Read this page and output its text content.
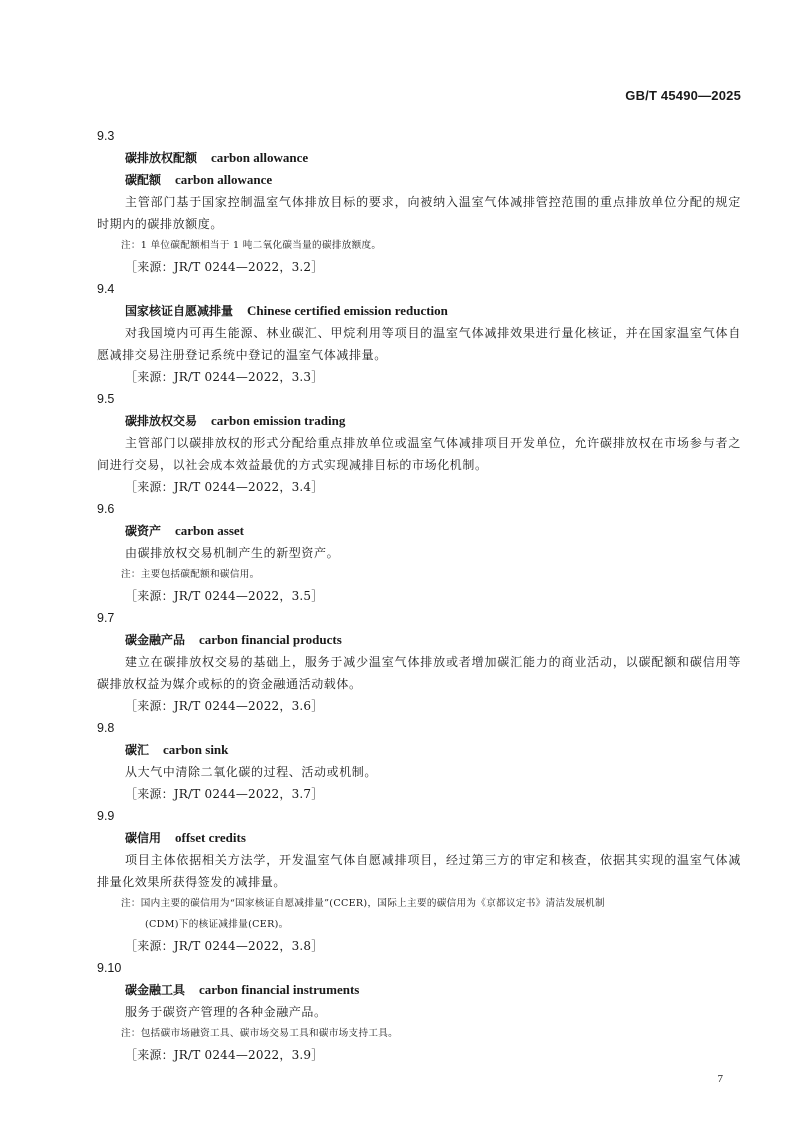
GB/T 45490—2025
9.3
碳排放权配额 carbon allowance
碳配额 carbon allowance
主管部门基于国家控制温室气体排放目标的要求，向被纳入温室气体减排管控范围的重点排放单位分配的规定时期内的碳排放额度。
注：1 单位碳配额相当于 1 吨二氧化碳当量的碳排放额度。
［来源：JR/T 0244—2022，3.2］
9.4
国家核证自愿减排量 Chinese certified emission reduction
对我国境内可再生能源、林业碳汇、甲烷利用等项目的温室气体减排效果进行量化核证，并在国家温室气体自愿减排交易注册登记系统中登记的温室气体减排量。
［来源：JR/T 0244—2022，3.3］
9.5
碳排放权交易 carbon emission trading
主管部门以碳排放权的形式分配给重点排放单位或温室气体减排项目开发单位，允许碳排放权在市场参与者之间进行交易，以社会成本效益最优的方式实现减排目标的市场化机制。
［来源：JR/T 0244—2022，3.4］
9.6
碳资产 carbon asset
由碳排放权交易机制产生的新型资产。
注：主要包括碳配额和碳信用。
［来源：JR/T 0244—2022，3.5］
9.7
碳金融产品 carbon financial products
建立在碳排放权交易的基础上，服务于减少温室气体排放或者增加碳汇能力的商业活动，以碳配额和碳信用等碳排放权益为媒介或标的的资金融通活动载体。
［来源：JR/T 0244—2022，3.6］
9.8
碳汇 carbon sink
从大气中清除二氧化碳的过程、活动或机制。
［来源：JR/T 0244—2022，3.7］
9.9
碳信用 offset credits
项目主体依据相关方法学，开发温室气体自愿减排项目，经过第三方的审定和核查，依据其实现的温室气体减排量化效果所获得签发的减排量。
注：国内主要的碳信用为“国家核证自愿减排量”(CCER)，国际上主要的碳信用为《京都议定书》清洁发展机制
(CDM)下的核证减排量(CER)。
［来源：JR/T 0244—2022，3.8］
9.10
碳金融工具 carbon financial instruments
服务于碳资产管理的各种金融产品。
注：包括碳市场融资工具、碳市场交易工具和碳市场支持工具。
［来源：JR/T 0244—2022，3.9］
7
